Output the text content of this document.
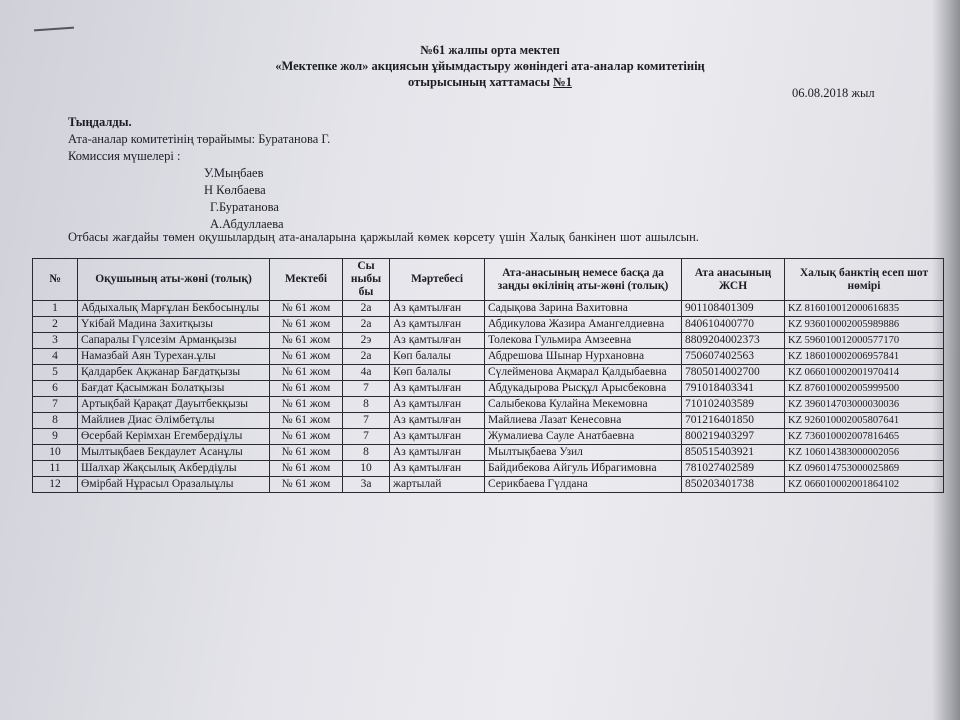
№61 жалпы орта мектеп
«Мектепке жол» акциясын ұйымдастыру жөніндегі ата-аналар комитетінің
отырысының хаттамасы №1
06.08.2018 жыл
Тыңдалды.
Ата-аналар комитетінің төрайымы: Буратанова Г.
Комиссия мүшелері :
У.Мыңбаев
Н Көлбаева
Г.Буратанова
А.Абдуллаева
Отбасы жағдайы төмен оқушылардың ата-аналарына қаржылай көмек көрсету үшін Халық банкінен шот ашылсын.
№	Оқушының аты-жөні (толық)	Мектебі	Сы ныбы бы	Мәртебесі	Ата-анасының немесе басқа да заңды өкілінің аты-жөні (толық)	Ата анасының ЖСН	Халық банктің есеп шот нөмірі
1	Абдыхалық Марғұлан Бекбосынұлы	№ 61 жом	2а	Аз қамтылған	Садықова Зарина Вахитовна	901108401309	KZ 816010012000616835
2	Үкібай Мадина Захитқызы	№ 61 жом	2а	Аз қамтылған	Абдикулова Жазира Амангелдиевна	840610400770	KZ 936010002005989886
3	Сапаралы Гүлсезім Арманқызы	№ 61 жом	2э	Аз қамтылған	Толекова Гульмира Амзеевна	8809204002373	KZ 596010012000577170
4	Намазбай Аян Турехан.ұлы	№ 61 жом	2а	Көп балалы	Абдрешова Шынар Нурхановна	750607402563	KZ 186010002006957841
5	Қалдарбек Ақжанар Бағдатқызы	№ 61 жом	4а	Көп балалы	Сүлейменова Ақмарал Қалдыбаевна	7805014002700	KZ 066010002001970414
6	Бағдат Қасымжан Болатқызы	№ 61 жом	7	Аз қамтылған	Абдукадырова Рысқұл Арысбековна	791018403341	KZ 876010002005999500
7	Артықбай Қарақат Дауытбекқызы	№ 61 жом	8	Аз қамтылған	Салыбекова Кулайна Мекемовна	710102403589	KZ 396014703000030036
8	Майлиев Диас Әлімбетұлы	№ 61 жом	7	Аз қамтылған	Майлиева Лазат Кенесовна	701216401850	KZ 926010002005807641
9	Өсербай Керімхан Егембердіұлы	№ 61 жом	7	Аз қамтылған	Жумалиева Сауле Анатбаевна	800219403297	KZ 736010002007816465
10	Мылтықбаев Бекдаулет Асанұлы	№ 61 жом	8	Аз қамтылған	Мылтықбаева Узил	850515403921	KZ 106014383000002056
11	Шалхар Жақсылық Акбердіұлы	№ 61 жом	10	Аз қамтылған	Байдибекова Айгуль Ибрагимовна	781027402589	KZ 096014753000025869
12	Өмірбай Нұрасыл Оразалыұлы	№ 61 жом	3а	жартылай	Серикбаева Гүлдана	850203401738	KZ 066010002001864102
